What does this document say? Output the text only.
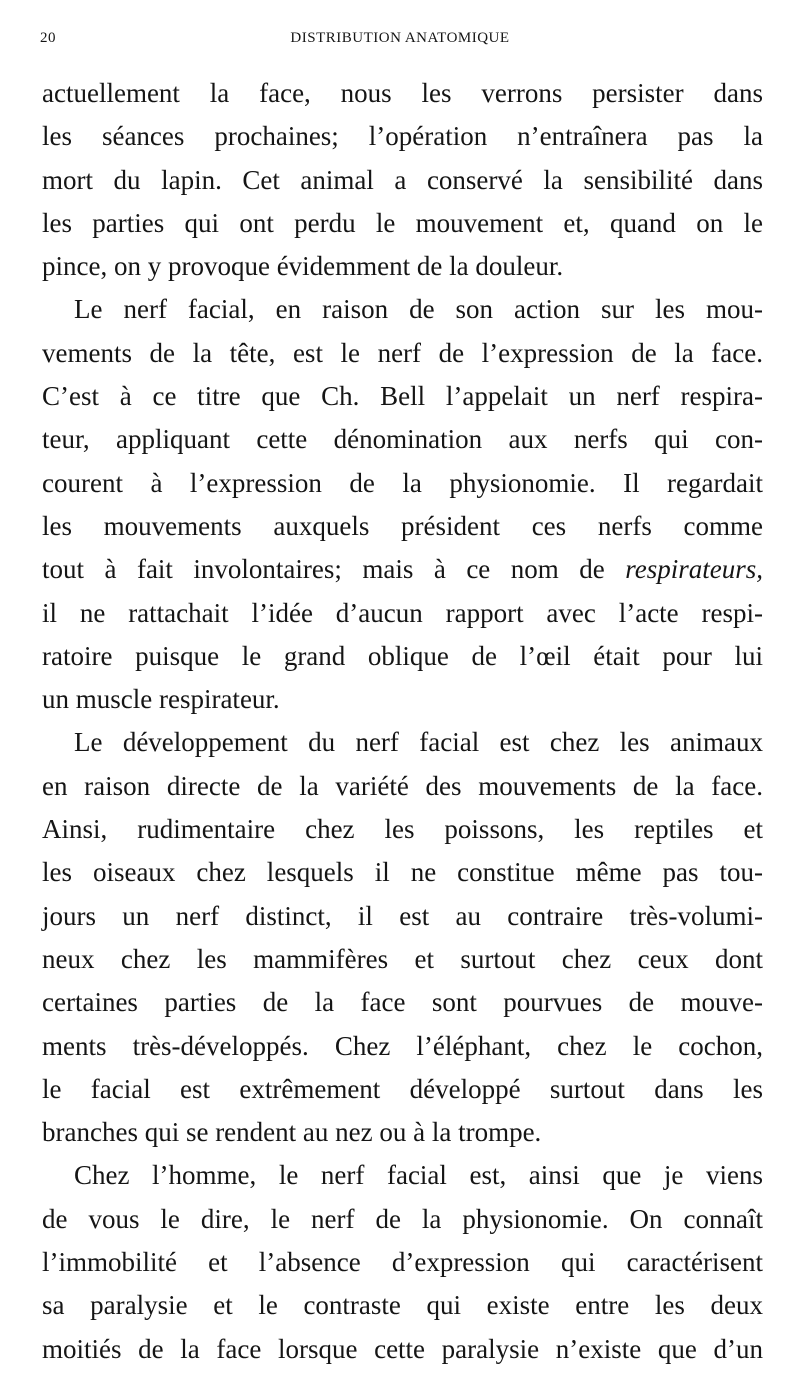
20	DISTRIBUTION ANATOMIQUE
actuellement la face, nous les verrons persister dans
les séances prochaines; l’opération n’entraînera pas la
mort du lapin. Cet animal a conservé la sensibilité dans
les parties qui ont perdu le mouvement et, quand on le
pince, on y provoque évidemment de la douleur.
Le nerf facial, en raison de son action sur les mou-
vements de la tête, est le nerf de l’expression de la face.
C’est à ce titre que Ch. Bell l’appelait un nerf respira-
teur, appliquant cette dénomination aux nerfs qui con-
courent à l’expression de la physionomie. Il regardait
les mouvements auxquels président ces nerfs comme
tout à fait involontaires; mais à ce nom de respirateurs,
il ne rattachait l’idée d’aucun rapport avec l’acte respi-
ratoire puisque le grand oblique de l’œil était pour lui
un muscle respirateur.
Le développement du nerf facial est chez les animaux
en raison directe de la variété des mouvements de la face.
Ainsi, rudimentaire chez les poissons, les reptiles et
les oiseaux chez lesquels il ne constitue même pas tou-
jours un nerf distinct, il est au contraire très-volumi-
neux chez les mammifères et surtout chez ceux dont
certaines parties de la face sont pourvues de mouve-
ments très-développés. Chez l’éléphant, chez le cochon,
le facial est extrêmement développé surtout dans les
branches qui se rendent au nez ou à la trompe.
Chez l’homme, le nerf facial est, ainsi que je viens
de vous le dire, le nerf de la physionomie. On connaît
l’immobilité et l’absence d’expression qui caractérisent
sa paralysie et le contraste qui existe entre les deux
moitiés de la face lorsque cette paralysie n’existe que d’un
